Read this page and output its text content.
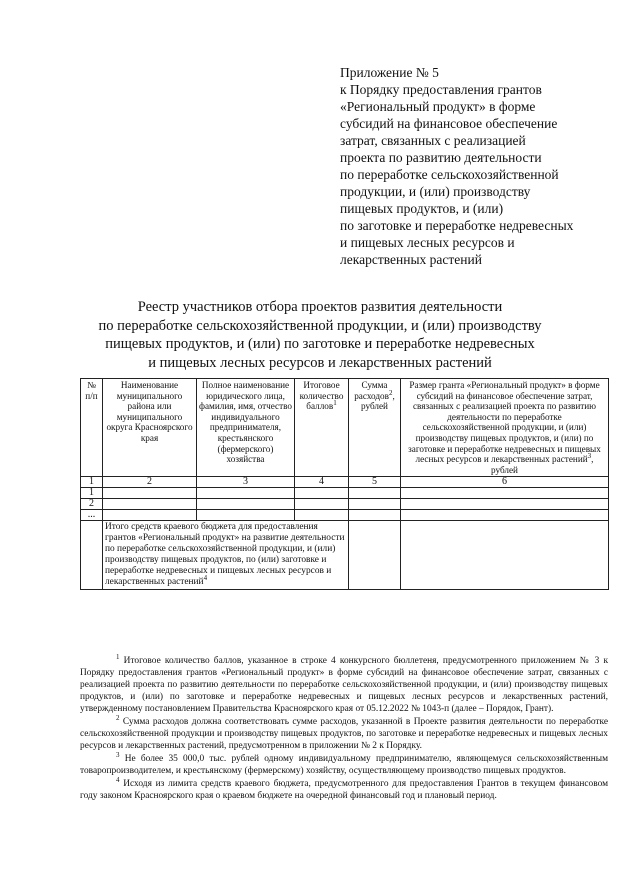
Приложение № 5
к Порядку предоставления грантов
«Региональный продукт» в форме
субсидий на финансовое обеспечение
затрат, связанных с реализацией
проекта по развитию деятельности
по переработке сельскохозяйственной
продукции, и (или) производству
пищевых продуктов, и (или)
по заготовке и переработке недревесных
и пищевых лесных ресурсов и
лекарственных растений
Реестр участников отбора проектов развития деятельности
по переработке сельскохозяйственной продукции, и (или) производству
пищевых продуктов, и (или) по заготовке и переработке недревесных
и пищевых лесных ресурсов и лекарственных растений
№ п/п	Наименование муниципального района или муниципального округа Красноярского края	Полное наименование юридического лица, фамилия, имя, отчество индивидуального предпринимателя, крестьянского (фермерского) хозяйства	Итоговое количество баллов$^1$	Сумма расходов$^2$, рублей	Размер гранта «Региональный продукт» в форме субсидий на финансовое обеспечение затрат, связанных с реализацией проекта по развитию деятельности по переработке сельскохозяйственной продукции, и (или) производству пищевых продуктов, и (или) по заготовке и переработке недревесных и пищевых лесных ресурсов и лекарственных растений$^3$, рублей
1	2	3	4	5	6
1					
2					
...					
	Итого средств краевого бюджета для предоставления грантов «Региональный продукт» на развитие деятельности по переработке сельскохозяйственной продукции, и (или) производству пищевых продуктов, по (или) заготовке и переработке недревесных и пищевых лесных ресурсов и лекарственных растений$^4$		

$^1$ Итоговое количество баллов, указанное в строке 4 конкурсного бюллетеня, предусмотренного приложением № 3 к Порядку предоставления грантов «Региональный продукт» в форме субсидий на финансовое обеспечение затрат, связанных с реализацией проекта по развитию деятельности по переработке сельскохозяйственной продукции, и (или) производству пищевых продуктов, и (или) по заготовке и переработке недревесных и пищевых лесных ресурсов и лекарственных растений, утвержденному постановлением Правительства Красноярского края от 05.12.2022 № 1043-п (далее – Порядок, Грант).

$^2$ Сумма расходов должна соответствовать сумме расходов, указанной в Проекте развития деятельности по переработке сельскохозяйственной продукции и производству пищевых продуктов, по заготовке и переработке недревесных и пищевых лесных ресурсов и лекарственных растений, предусмотренном в приложении № 2 к Порядку.

$^3$ Не более 35 000,0 тыс. рублей одному индивидуальному предпринимателю, являющемуся сельскохозяйственным товаропроизводителем, и крестьянскому (фермерскому) хозяйству, осуществляющему производство пищевых продуктов.

$^4$ Исходя из лимита средств краевого бюджета, предусмотренного для предоставления Грантов в текущем финансовом году законом Красноярского края о краевом бюджете на очередной финансовый год и плановый период.
